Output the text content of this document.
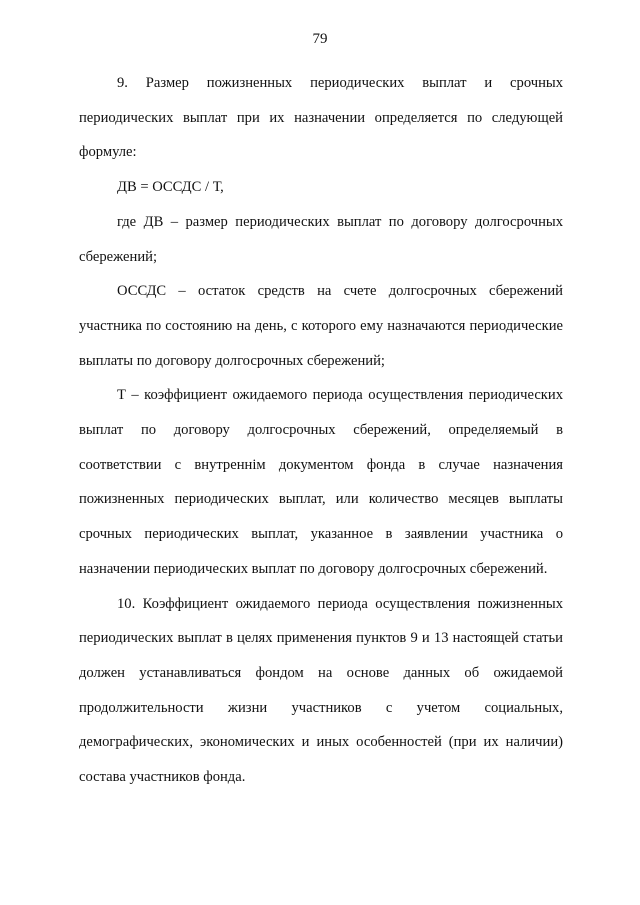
79

9. Размер пожизненных периодических выплат и срочных периодических выплат при их назначении определяется по следующей формуле:

ДВ = ОССДС / Т,

где ДВ – размер периодических выплат по договору долгосрочных сбережений;

ОССДС – остаток средств на счете долгосрочных сбережений участника по состоянию на день, с которого ему назначаются периодические выплаты по договору долгосрочных сбережений;

Т – коэффициент ожидаемого периода осуществления периодических выплат по договору долгосрочных сбережений, определяемый в соответствии с внутреннім документом фонда в случае назначения пожизненных периодических выплат, или количество месяцев выплаты срочных периодических выплат, указанное в заявлении участника о назначении периодических выплат по договору долгосрочных сбережений.

10. Коэффициент ожидаемого периода осуществления пожизненных периодических выплат в целях применения пунктов 9 и 13 настоящей статьи должен устанавливаться фондом на основе данных об ожидаемой продолжительности жизни участников с учетом социальных, демографических, экономических и иных особенностей (при их наличии) состава участников фонда.
